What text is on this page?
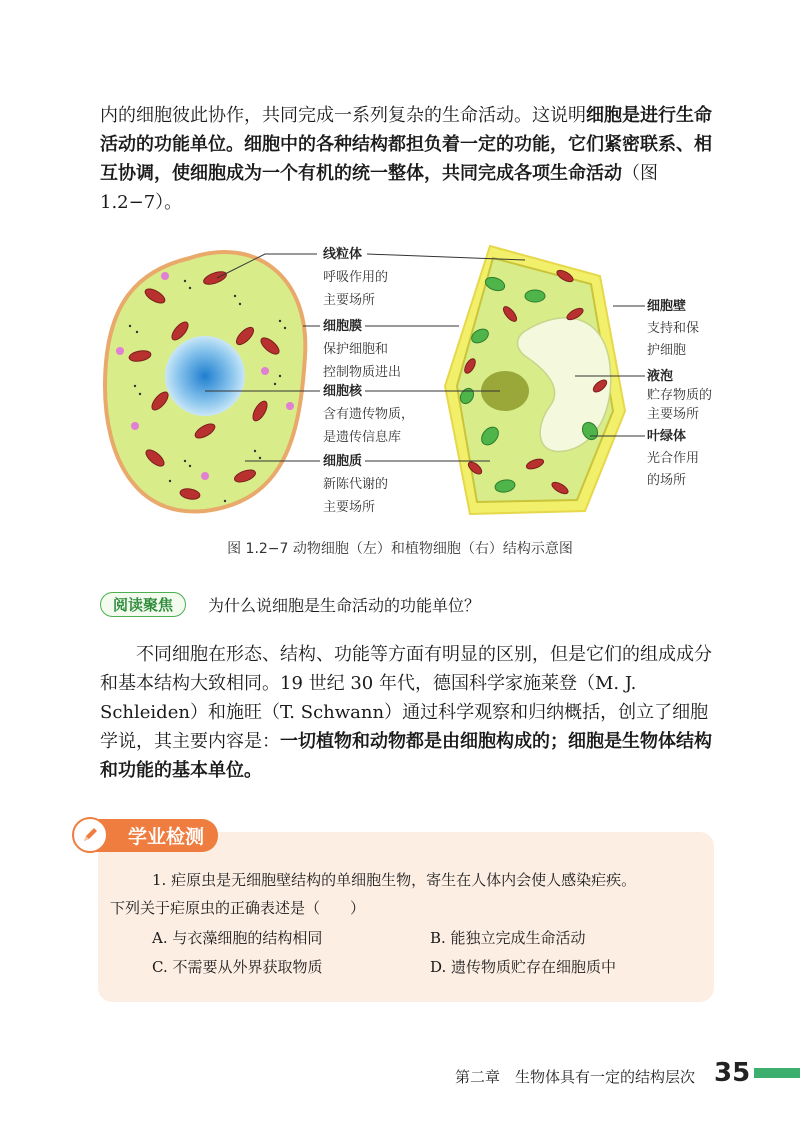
内的细胞彼此协作，共同完成一系列复杂的生命活动。这说明细胞是进行生命活动的功能单位。细胞中的各种结构都担负着一定的功能，它们紧密联系、相互协调，使细胞成为一个有机的统一整体，共同完成各项生命活动（图 1.2−7）。
线粒体
呼吸作用的
主要场所
细胞膜
保护细胞和
控制物质进出
细胞核
含有遗传物质，
是遗传信息库
细胞质
新陈代谢的
主要场所
细胞壁
支持和保
护细胞
液泡
贮存物质的
主要场所
叶绿体
光合作用
的场所
图 1.2−7 动物细胞（左）和植物细胞（右）结构示意图
阅读聚焦	为什么说细胞是生命活动的功能单位？
不同细胞在形态、结构、功能等方面有明显的区别，但是它们的组成成分和基本结构大致相同。19 世纪 30 年代，德国科学家施莱登（M. J. Schleiden）和施旺（T. Schwann）通过科学观察和归纳概括，创立了细胞学说，其主要内容是：一切植物和动物都是由细胞构成的；细胞是生物体结构和功能的基本单位。
学业检测
1. 疟原虫是无细胞壁结构的单细胞生物，寄生在人体内会使人感染疟疾。
下列关于疟原虫的正确表述是（　　）
A. 与衣藻细胞的结构相同	B. 能独立完成生命活动
C. 不需要从外界获取物质	D. 遗传物质贮存在细胞质中
第二章　生物体具有一定的结构层次 35
